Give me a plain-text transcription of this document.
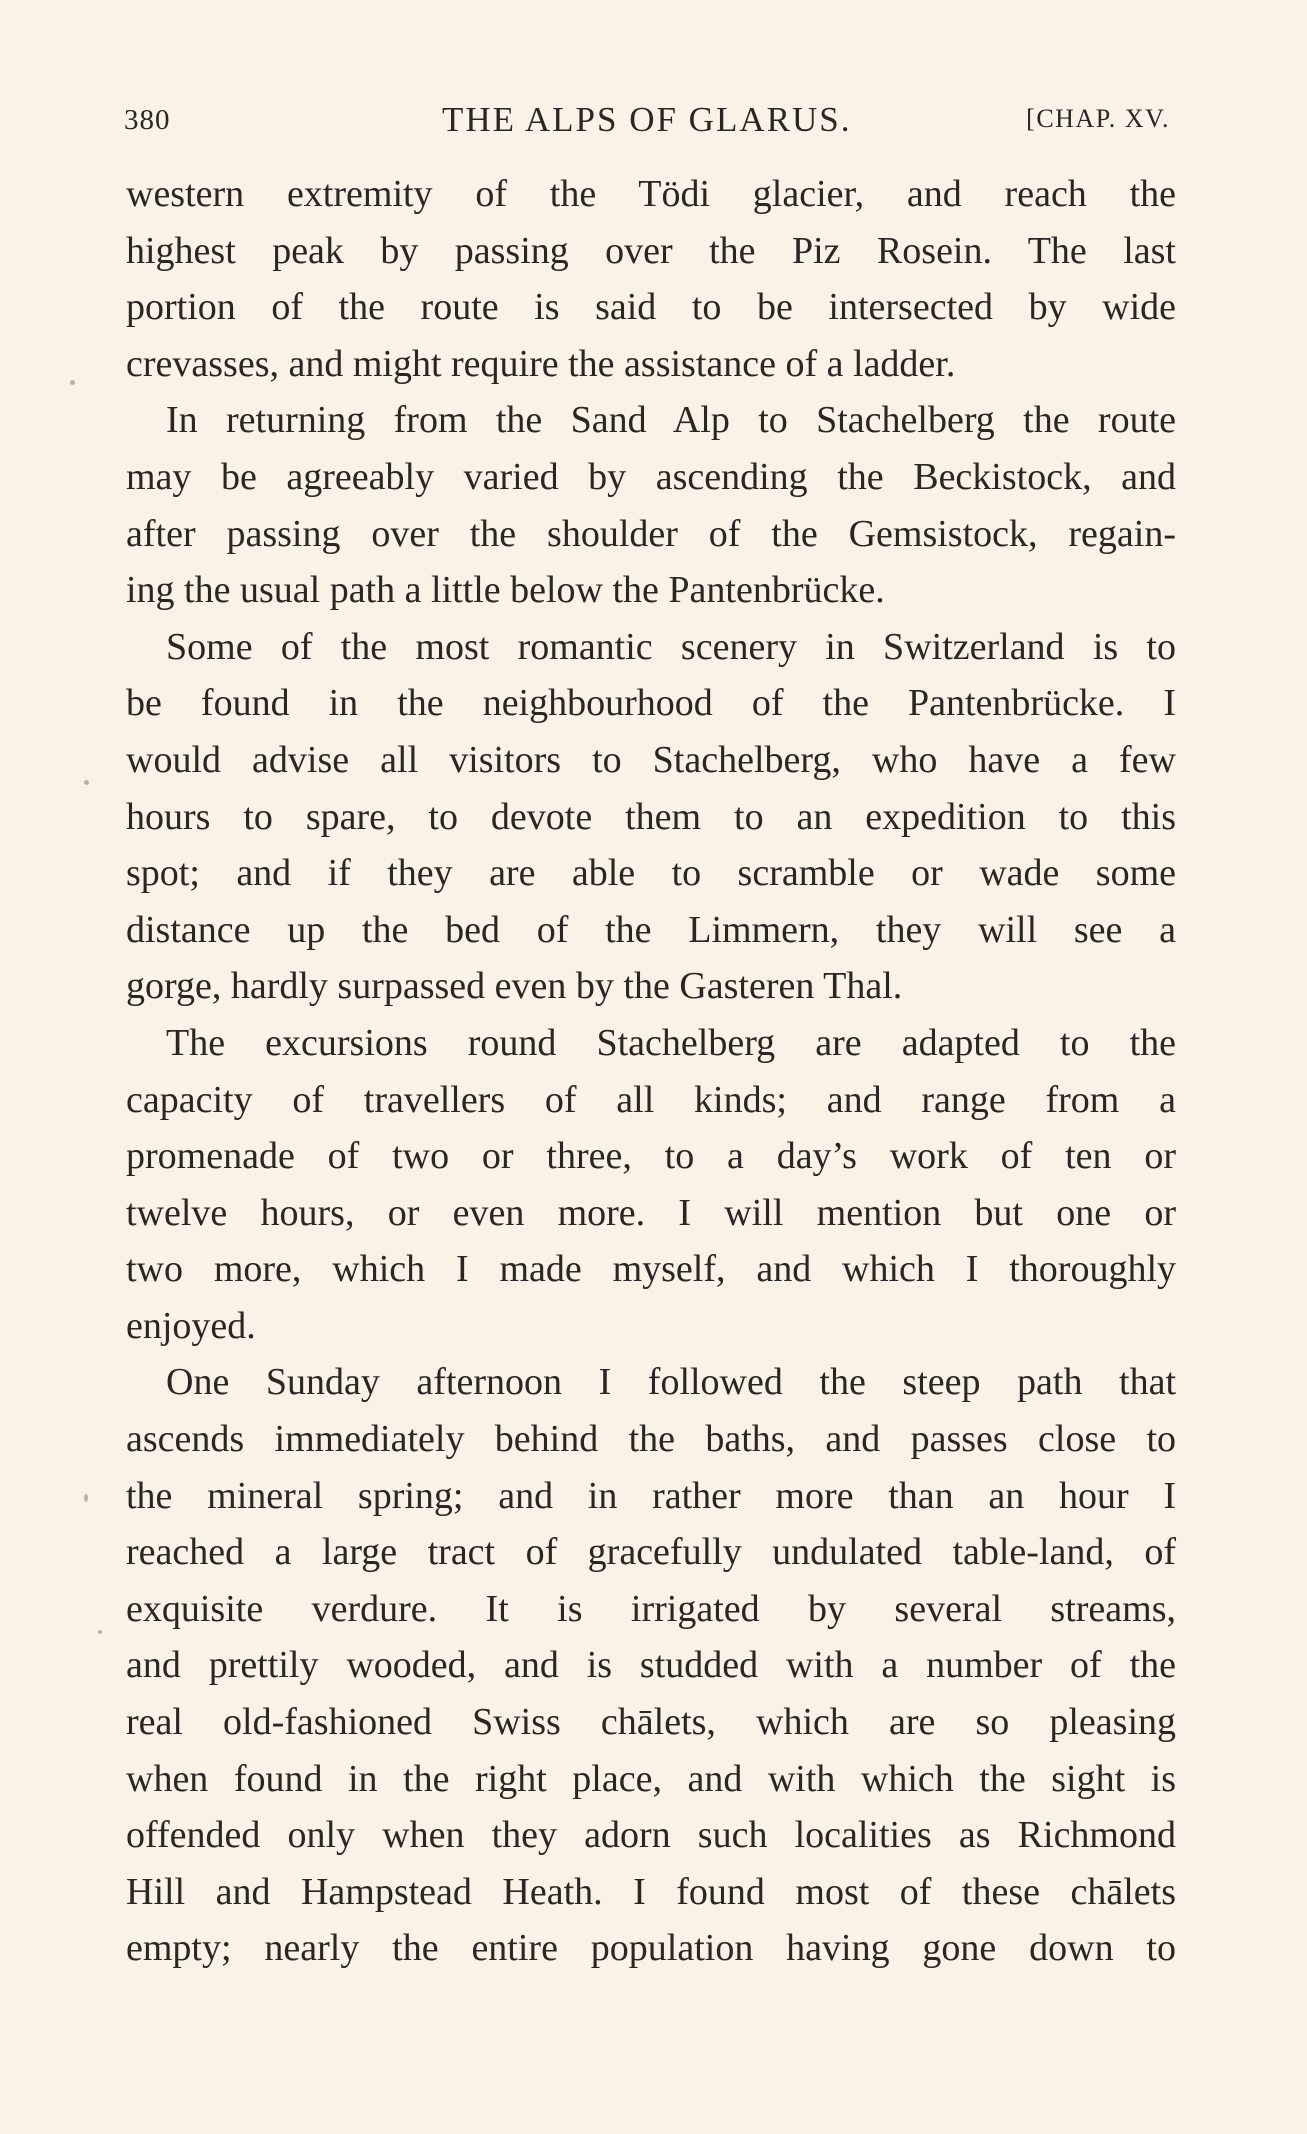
380	THE ALPS OF GLARUS.	[CHAP. XV.
western extremity of the Tödi glacier, and reach the
highest peak by passing over the Piz Rosein. The last
portion of the route is said to be intersected by wide
crevasses, and might require the assistance of a ladder.
In returning from the Sand Alp to Stachelberg the route
may be agreeably varied by ascending the Beckistock, and
after passing over the shoulder of the Gemsistock, regain-
ing the usual path a little below the Pantenbrücke.
Some of the most romantic scenery in Switzerland is to
be found in the neighbourhood of the Pantenbrücke. I
would advise all visitors to Stachelberg, who have a few
hours to spare, to devote them to an expedition to this
spot; and if they are able to scramble or wade some
distance up the bed of the Limmern, they will see a
gorge, hardly surpassed even by the Gasteren Thal.
The excursions round Stachelberg are adapted to the
capacity of travellers of all kinds; and range from a
promenade of two or three, to a day’s work of ten or
twelve hours, or even more. I will mention but one or
two more, which I made myself, and which I thoroughly
enjoyed.
One Sunday afternoon I followed the steep path that
ascends immediately behind the baths, and passes close to
the mineral spring; and in rather more than an hour I
reached a large tract of gracefully undulated table-land, of
exquisite verdure. It is irrigated by several streams,
and prettily wooded, and is studded with a number of the
real old-fashioned Swiss chālets, which are so pleasing
when found in the right place, and with which the sight is
offended only when they adorn such localities as Richmond
Hill and Hampstead Heath. I found most of these chālets
empty; nearly the entire population having gone down to
